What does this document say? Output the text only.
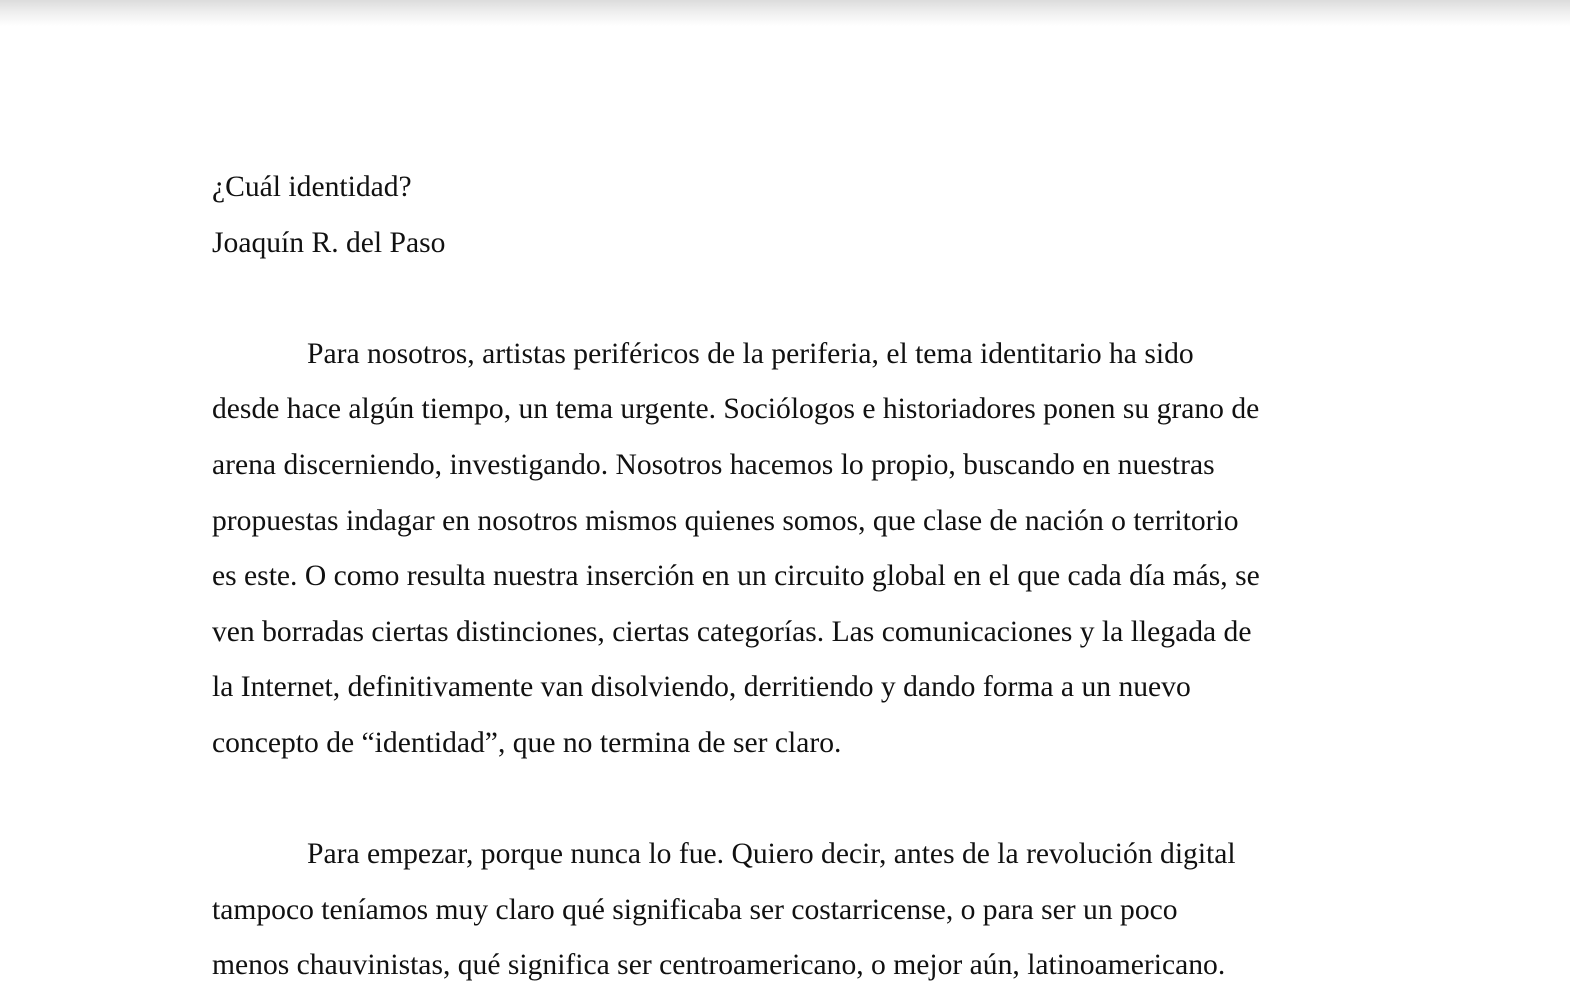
¿Cuál identidad?

Joaquín R. del Paso

Para nosotros, artistas periféricos de la periferia, el tema identitario ha sido
desde hace algún tiempo, un tema urgente. Sociólogos e historiadores ponen su grano de
arena discerniendo, investigando. Nosotros hacemos lo propio, buscando en nuestras
propuestas indagar en nosotros mismos quienes somos, que clase de nación o territorio
es este. O como resulta nuestra inserción en un circuito global en el que cada día más, se
ven borradas ciertas distinciones, ciertas categorías. Las comunicaciones y la llegada de
la Internet, definitivamente van disolviendo, derritiendo y dando forma a un nuevo
concepto de “identidad”, que no termina de ser claro.
Para empezar, porque nunca lo fue. Quiero decir, antes de la revolución digital
tampoco teníamos muy claro qué significaba ser costarricense, o para ser un poco
menos chauvinistas, qué significa ser centroamericano, o mejor aún, latinoamericano.
